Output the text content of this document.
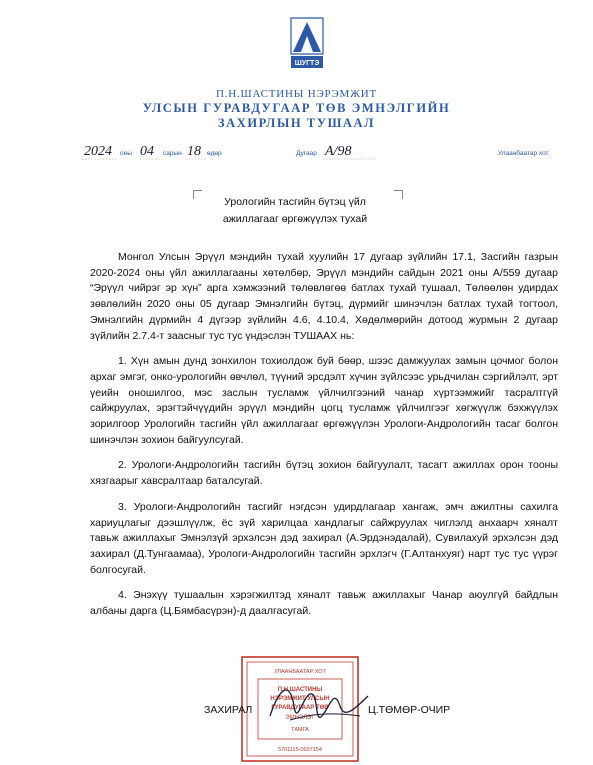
ШУГТЭ
П.Н.ШАСТИНЫ НЭРЭМЖИТ
УЛСЫН ГУРАВДУГААР ТӨВ ЭМНЭЛГИЙН
ЗАХИРЛЫН ТУШААЛ
2024 оны 04 сарын 18 өдөр	Дугаар A/98	Улаанбаатар хот
Урологийн тасгийн бүтэц үйл
ажиллагааг өргөжүүлэх тухай

Монгол Улсын Эрүүл мэндийн тухай хуулийн 17 дугаар зүйлийн 17.1, Засгийн газрын 2020-2024 оны үйл ажиллагааны хөтөлбөр, Эрүүл мэндийн сайдын 2021 оны А/559 дугаар “Эрүүл чийрэг эр хүн” арга хэмжээний төлөвлөгөө батлах тухай тушаал, Төлөөлөн удирдах зөвлөлийн 2020 оны 05 дугаар Эмнэлгийн бүтэц, дүрмийг шинэчлэн батлах тухай тогтоол, Эмнэлгийн дүрмийн 4 дүгээр зүйлийн 4.6, 4.10.4, Хөдөлмөрийн дотоод журмын 2 дугаар зүйлийн 2.7.4-т заасныг тус тус үндэслэн ТУШААХ нь:

1. Хүн амын дунд зонхилон тохиолдож буй бөөр, шээс дамжуулах замын цочмог болон архаг эмгэг, онко-урологийн өвчлөл, түүний эрсдэлт хүчин зүйлсээс урьдчилан сэргийлэлт, эрт үеийн оношилгоо, мэс заслын тусламж үйлчилгээний чанар хүртээмжийг тасралтгүй сайжруулах, эрэгтэйчүүдийн эрүүл мэндийн цогц тусламж үйлчилгээг хөгжүүлж бэхжүүлэх зорилгоор Урологийн тасгийн үйл ажиллагааг өргөжүүлэн Урологи-Андрологийн тасаг болгон шинэчлэн зохион байгуулсугай.

2. Урологи-Андрологийн тасгийн бүтэц зохион байгуулалт, тасагт ажиллах орон тооны хязгаарыг хавсралтаар баталсугай.

3. Урологи-Андрологийн тасгийг нэгдсэн удирдлагаар хангаж, эмч ажилтны сахилга хариуцлагыг дээшлүүлж, ёс зүй харилцаа хандлагыг сайжруулах чиглэлд анхаарч хяналт тавьж ажиллахыг Эмнэлзүй эрхэлсэн дэд захирал (А.Эрдэнэдалай), Сувилахуй эрхэлсэн дэд захирал (Д.Тунгаамаа), Урологи-Андрологийн тасгийн эрхлэгч (Г.Алтанхуяг) нарт тус тус үүрэг болгосугай.

4. Энэхүү тушаалын хэрэгжилтэд хяналт тавьж ажиллахыг Чанар аюулгүй байдлын албаны дарга (Ц.Бямбасүрэн)-д даалгасугай.

УЛААНБААТАР ХОТ
П.Н.ШАСТИНЫ
НЭРЭМЖИТ УЛСЫН
ГУРАВДУГААР ТӨВ
ЭМНЭЛЭГ
ТАМГА
5701115-0037154
ЗАХИРАЛ	Ц.ТӨМӨР-ОЧИР
